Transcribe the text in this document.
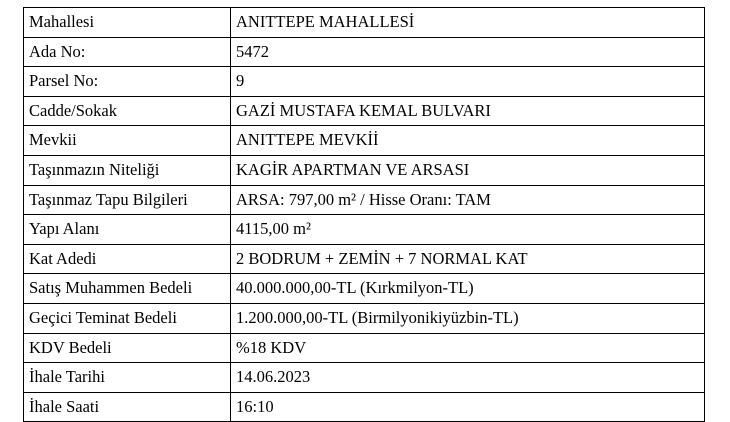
Mahallesi	ANITTEPE MAHALLESİ
Ada No:	5472
Parsel No:	9
Cadde/Sokak	GAZİ MUSTAFA KEMAL BULVARI
Mevkii	ANITTEPE MEVKİİ
Taşınmazın Niteliği	KAGİR APARTMAN VE ARSASI
Taşınmaz Tapu Bilgileri	ARSA: 797,00 m² / Hisse Oranı: TAM
Yapı Alanı	4115,00 m²
Kat Adedi	2 BODRUM + ZEMİN + 7 NORMAL KAT
Satış Muhammen Bedeli	40.000.000,00-TL (Kırkmilyon-TL)
Geçici Teminat Bedeli	1.200.000,00-TL (Birmilyonikiyüzbin-TL)
KDV Bedeli	%18 KDV
İhale Tarihi	14.06.2023
İhale Saati	16:10
